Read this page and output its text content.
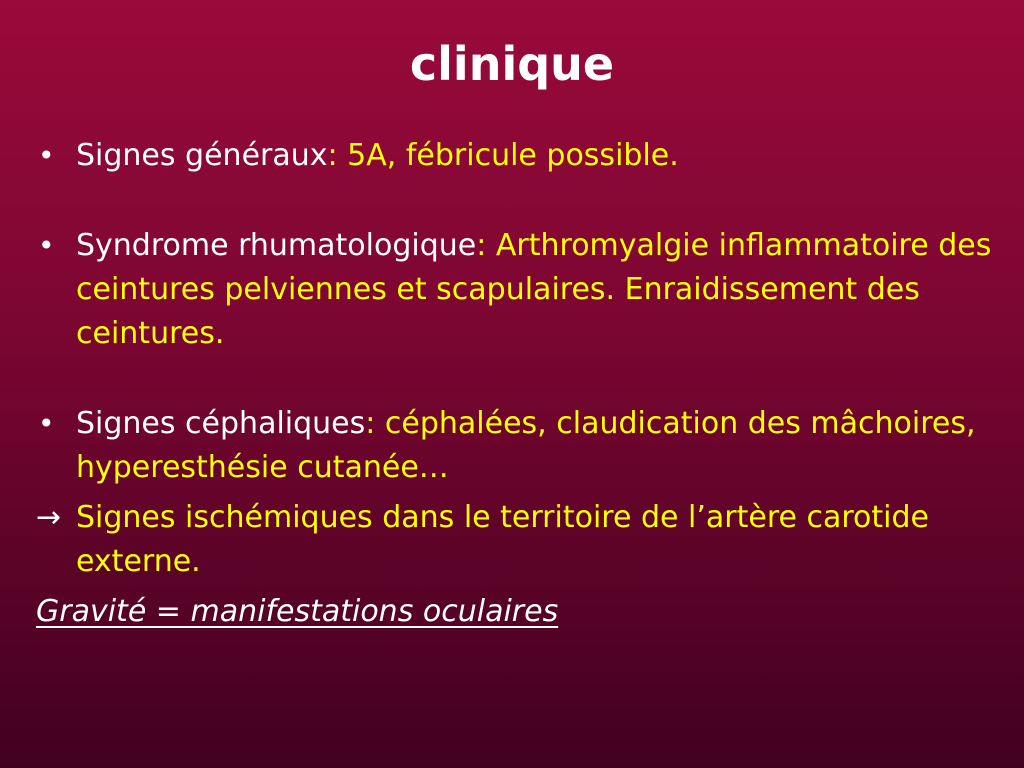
clinique
• Signes généraux: 5A, fébricule possible.
• Syndrome rhumatologique: Arthromyalgie inflammatoire des ceintures pelviennes et scapulaires. Enraidissement des ceintures.
• Signes céphaliques: céphalées, claudication des mâchoires, hyperesthésie cutanée…
→ Signes ischémiques dans le territoire de l’artère carotide externe.
Gravité = manifestations oculaires
